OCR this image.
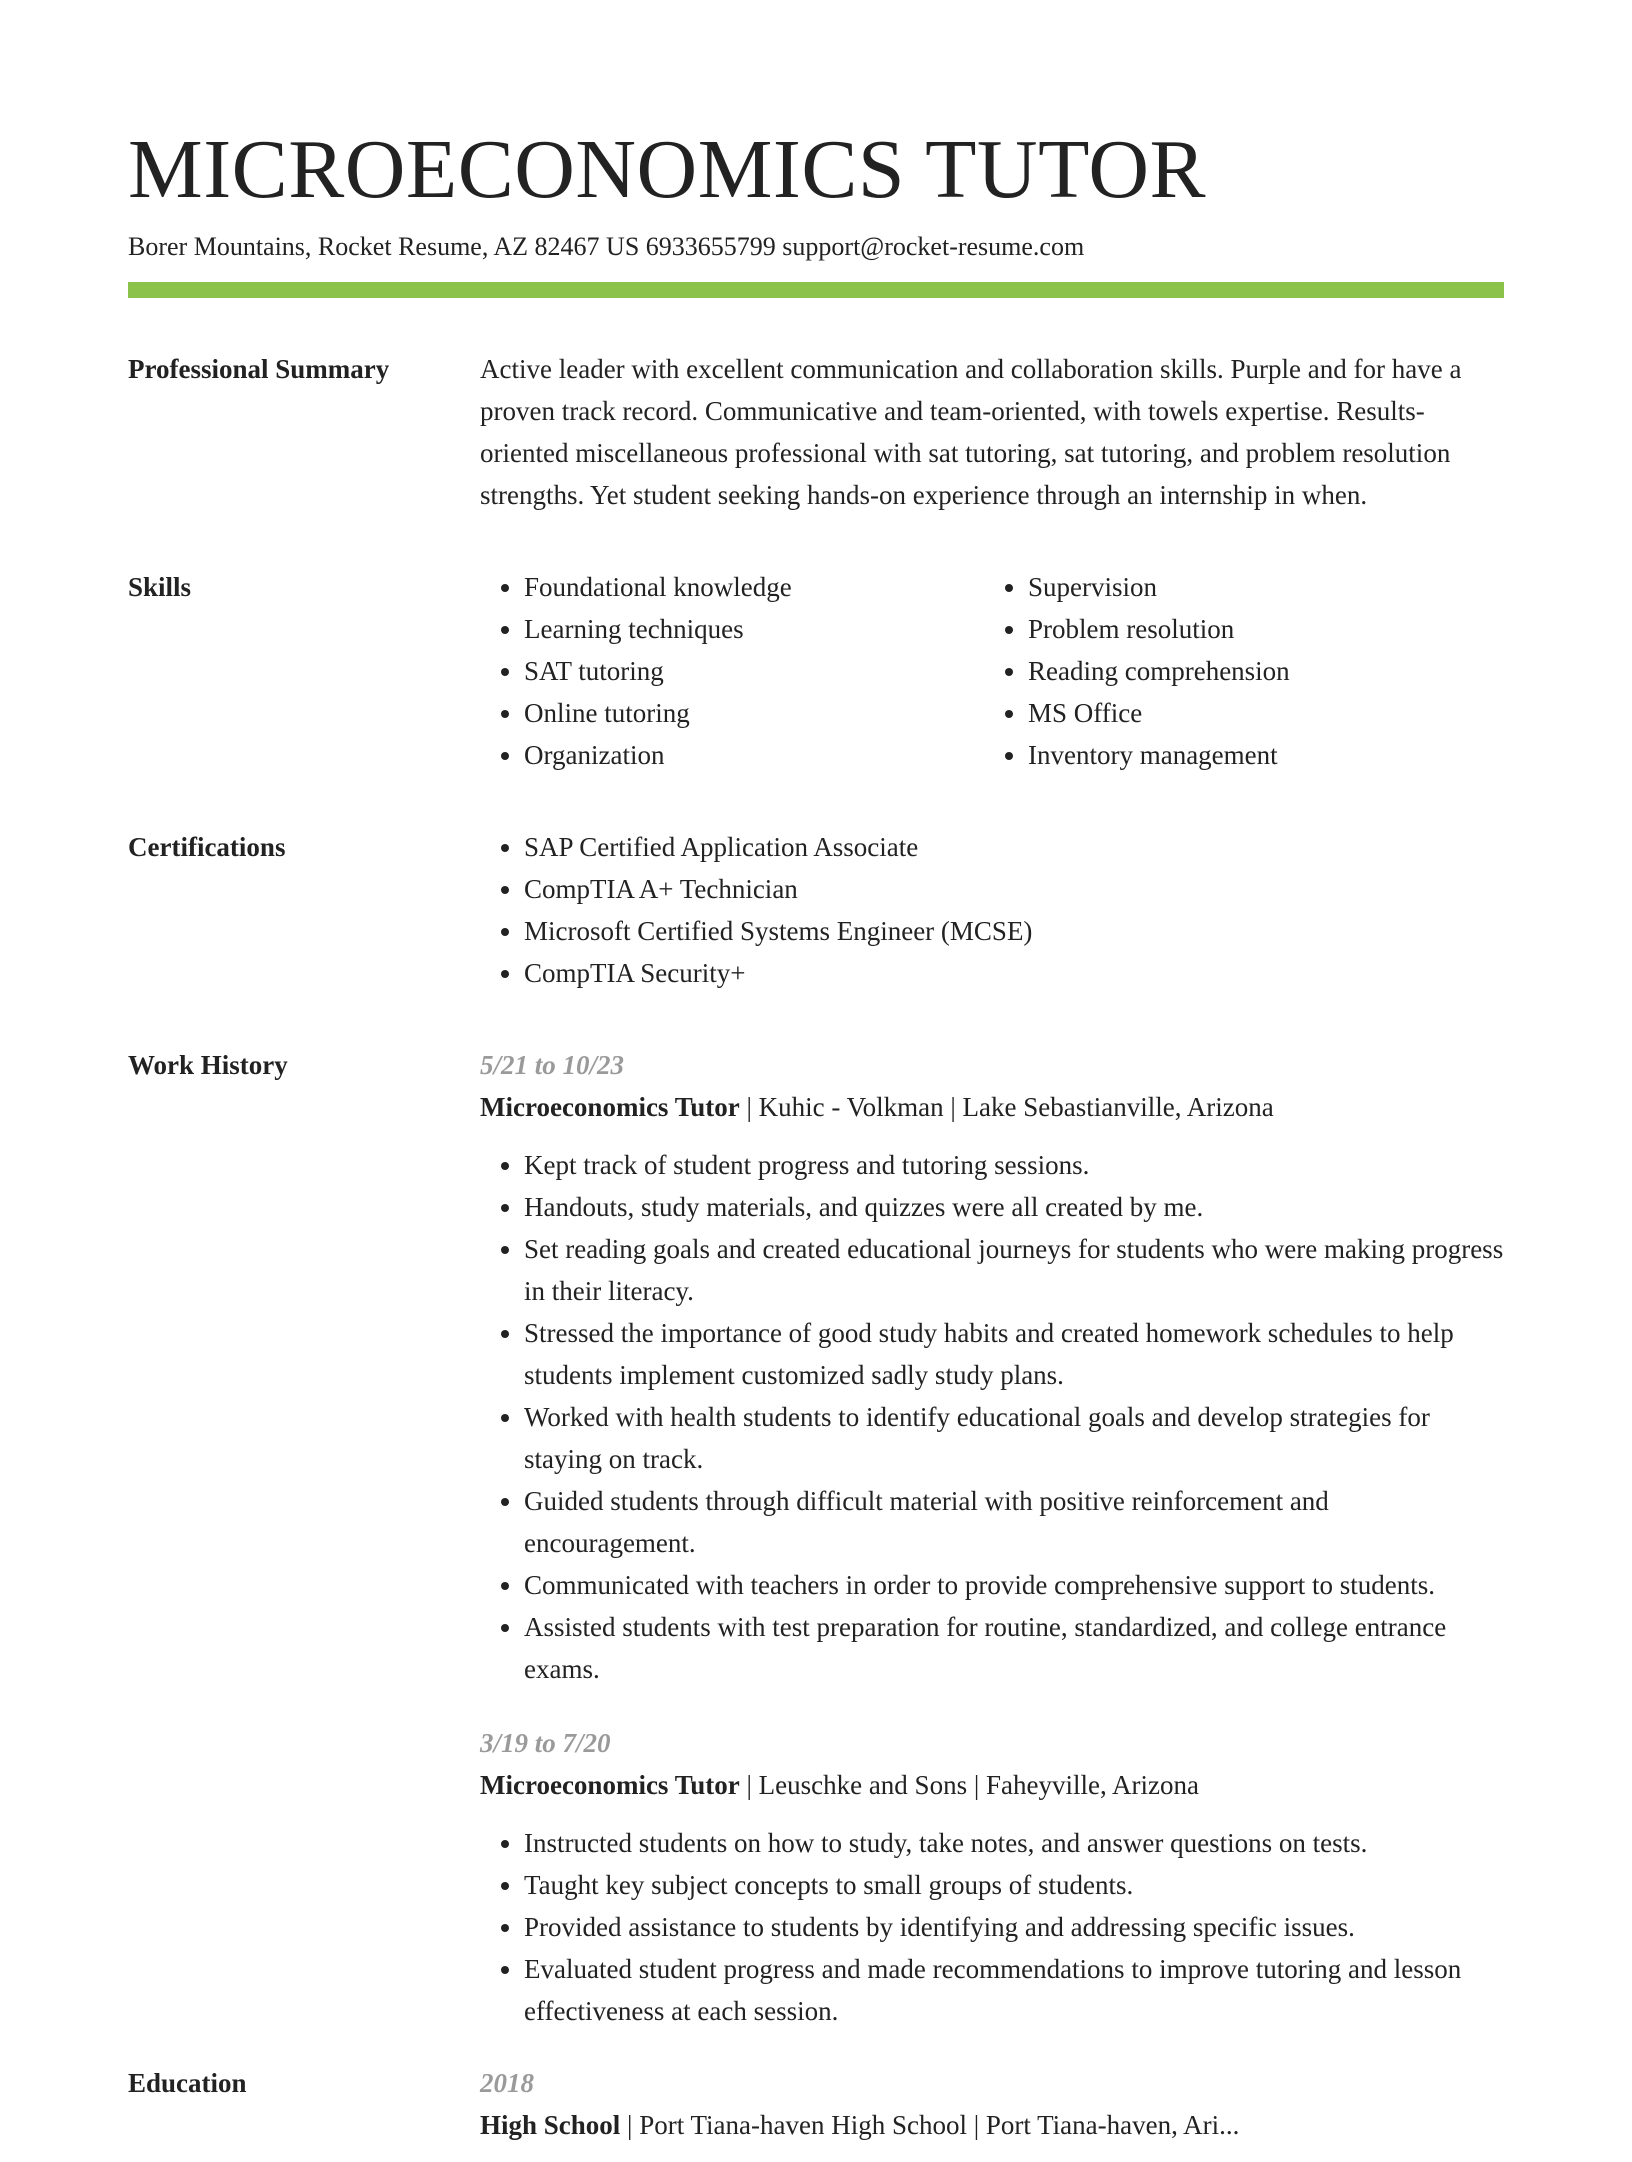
MICROECONOMICS TUTOR
Borer Mountains, Rocket Resume, AZ 82467 US 6933655799 support@rocket-resume.com
Professional Summary	Active leader with excellent communication and collaboration skills. Purple and for have a proven track record. Communicative and team-oriented, with towels expertise. Results-oriented miscellaneous professional with sat tutoring, sat tutoring, and problem resolution strengths. Yet student seeking hands-on experience through an internship in when.

Skills	• Foundational knowledge
• Learning techniques
• SAT tutoring
• Online tutoring
• Organization
• Supervision
• Problem resolution
• Reading comprehension
• MS Office
• Inventory management
Certifications	• SAP Certified Application Associate
• CompTIA A+ Technician
• Microsoft Certified Systems Engineer (MCSE)
• CompTIA Security+
Work History	5/21 to 10/23
Microeconomics Tutor | Kuhic - Volkman | Lake Sebastianville, Arizona
• Kept track of student progress and tutoring sessions.
• Handouts, study materials, and quizzes were all created by me.
• Set reading goals and created educational journeys for students who were making progress in their literacy.
• Stressed the importance of good study habits and created homework schedules to help students implement customized sadly study plans.
• Worked with health students to identify educational goals and develop strategies for staying on track.
• Guided students through difficult material with positive reinforcement and encouragement.
• Communicated with teachers in order to provide comprehensive support to students.
• Assisted students with test preparation for routine, standardized, and college entrance exams.
3/19 to 7/20
Microeconomics Tutor | Leuschke and Sons | Faheyville, Arizona
• Instructed students on how to study, take notes, and answer questions on tests.
• Taught key subject concepts to small groups of students.
• Provided assistance to students by identifying and addressing specific issues.
• Evaluated student progress and made recommendations to improve tutoring and lesson effectiveness at each session.
Education	2018
High School | Port Tiana-haven High School | Port Tiana-haven, Ari...
